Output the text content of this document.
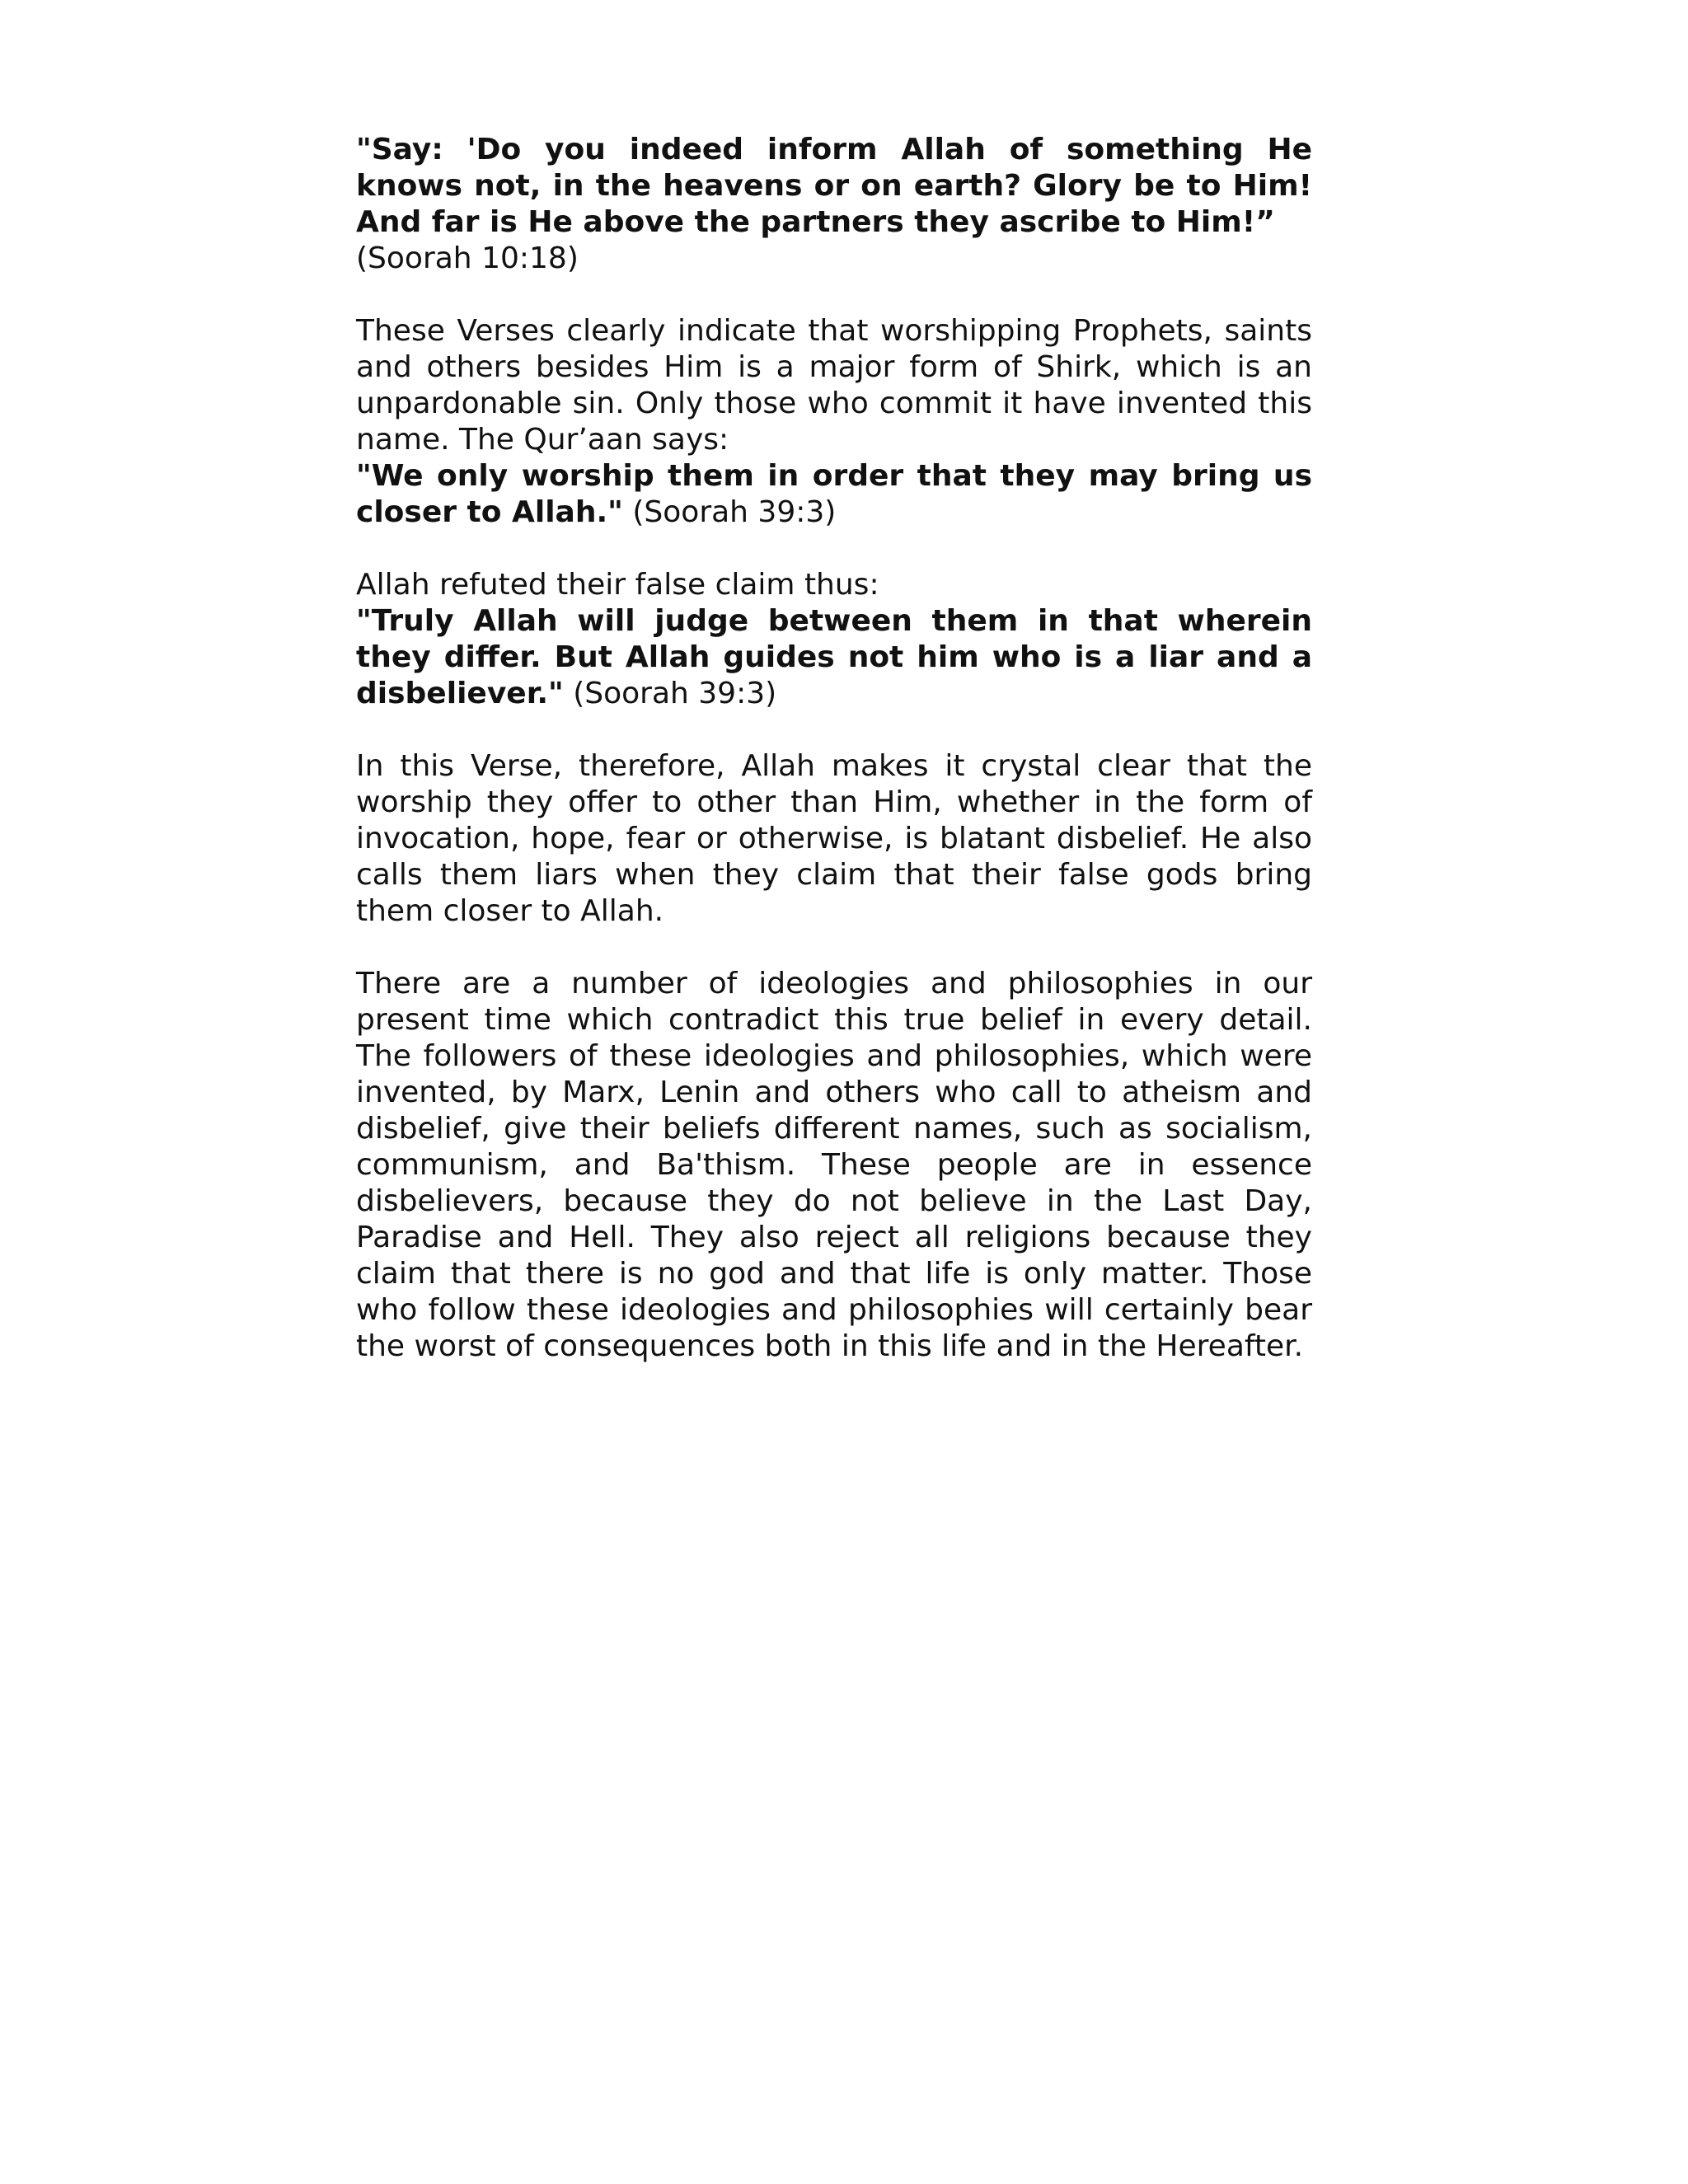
"Say: 'Do you indeed inform Allah of something He knows not, in the heavens or on earth? Glory be to Him! And far is He above the partners they ascribe to Him!”

(Soorah 10:18)

These Verses clearly indicate that worshipping Prophets, saints and others besides Him is a major form of Shirk, which is an unpardonable sin. Only those who commit it have invented this name. The Qur’aan says:

"We only worship them in order that they may bring us closer to Allah." (Soorah 39:3)

Allah refuted their false claim thus:

"Truly Allah will judge between them in that wherein they differ. But Allah guides not him who is a liar and a disbeliever." (Soorah 39:3)

In this Verse, therefore, Allah makes it crystal clear that the worship they offer to other than Him, whether in the form of invocation, hope, fear or otherwise, is blatant disbelief. He also calls them liars when they claim that their false gods bring them closer to Allah.

There are a number of ideologies and philosophies in our present time which contradict this true belief in every detail. The followers of these ideologies and philosophies, which were invented, by Marx, Lenin and others who call to atheism and disbelief, give their beliefs different names, such as socialism, communism, and Ba'thism. These people are in essence disbelievers, because they do not believe in the Last Day, Paradise and Hell. They also reject all religions because they claim that there is no god and that life is only matter. Those who follow these ideologies and philosophies will certainly bear the worst of consequences both in this life and in the Hereafter.
